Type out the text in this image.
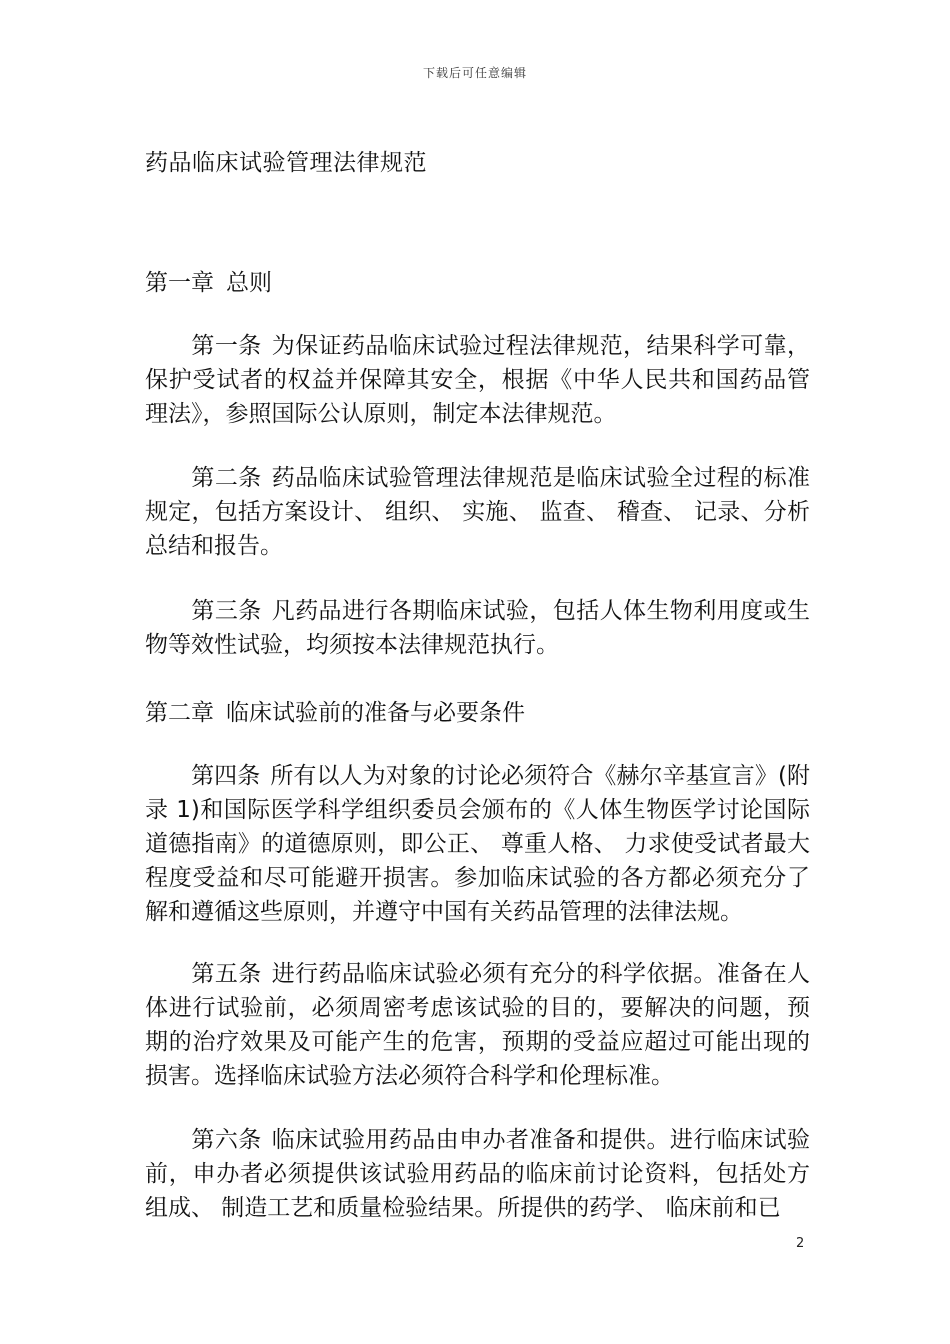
下载后可任意编辑
药品临床试验管理法律规范
第一章 总则
第一条 为保证药品临床试验过程法律规范，结果科学可靠，保护受试者的权益并保障其安全，根据《中华人民共和国药品管理法》，参照国际公认原则，制定本法律规范。
第二条 药品临床试验管理法律规范是临床试验全过程的标准规定，包括方案设计、 组织、 实施、 监查、 稽查、 记录、分析总结和报告。
第三条 凡药品进行各期临床试验，包括人体生物利用度或生物等效性试验，均须按本法律规范执行。
第二章 临床试验前的准备与必要条件
第四条 所有以人为对象的讨论必须符合《赫尔辛基宣言》(附录 1)和国际医学科学组织委员会颁布的《人体生物医学讨论国际道德指南》的道德原则，即公正、 尊重人格、 力求使受试者最大程度受益和尽可能避开损害。参加临床试验的各方都必须充分了解和遵循这些原则，并遵守中国有关药品管理的法律法规。
第五条 进行药品临床试验必须有充分的科学依据。准备在人体进行试验前，必须周密考虑该试验的目的，要解决的问题，预期的治疗效果及可能产生的危害，预期的受益应超过可能出现的损害。选择临床试验方法必须符合科学和伦理标准。
第六条 临床试验用药品由申办者准备和提供。进行临床试验前，申办者必须提供该试验用药品的临床前讨论资料，包括处方组成、 制造工艺和质量检验结果。所提供的药学、 临床前和已
2
